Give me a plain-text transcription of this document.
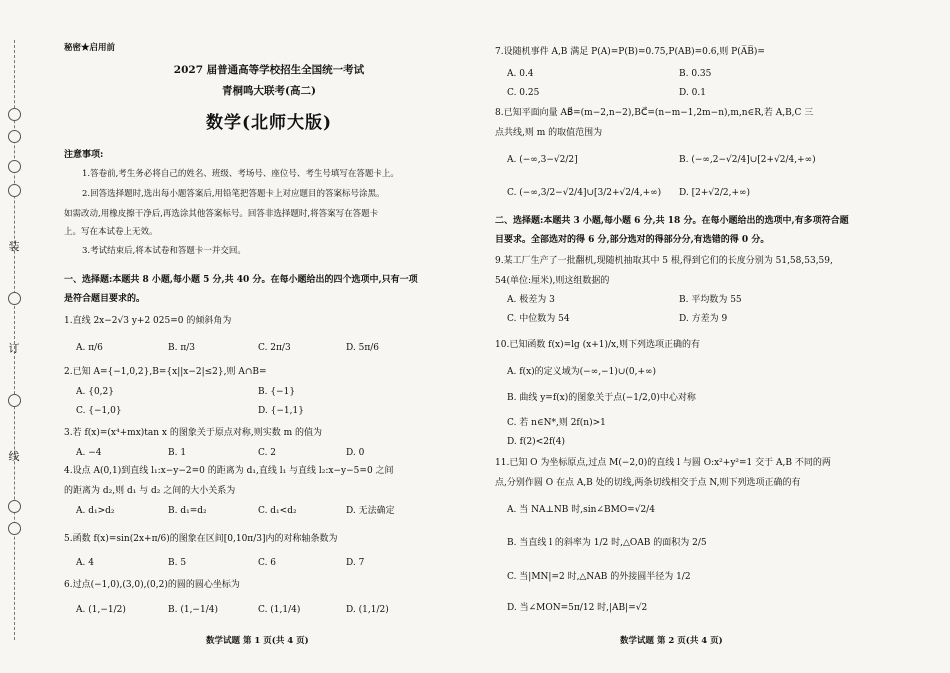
装
订
线
秘密★启用前
2027 届普通高等学校招生全国统一考试
青桐鸣大联考(高二)
数学(北师大版)
注意事项:
1.答卷前,考生务必将自己的姓名、班级、考场号、座位号、考生号填写在答题卡上。
2.回答选择题时,选出每小题答案后,用铅笔把答题卡上对应题目的答案标号涂黑。
如需改动,用橡皮擦干净后,再选涂其他答案标号。回答非选择题时,将答案写在答题卡
上。写在本试卷上无效。
3.考试结束后,将本试卷和答题卡一并交回。
一、选择题:本题共 8 小题,每小题 5 分,共 40 分。在每小题给出的四个选项中,只有一项
是符合题目要求的。
1.直线 2x−2√3 y+2 025=0 的倾斜角为
A. π/6	B. π/3	C. 2π/3	D. 5π/6
2.已知 A={−1,0,2},B={x||x−2|≤2},则 A∩B=
A. {0,2}	B. {−1}
C. {−1,0}	D. {−1,1}
3.若 f(x)=(x⁴+mx)tan x 的图象关于原点对称,则实数 m 的值为
A. −4	B. 1	C. 2	D. 0
4.设点 A(0,1)到直线 l₁:x−y−2=0 的距离为 d₁,直线 l₁ 与直线 l₂:x−y−5=0 之间
的距离为 d₂,则 d₁ 与 d₂ 之间的大小关系为
A. d₁>d₂	B. d₁=d₂	C. d₁<d₂	D. 无法确定
5.函数 f(x)=sin(2x+π/6)的图象在区间[0,10π/3]内的对称轴条数为
A. 4	B. 5	C. 6	D. 7
6.过点(−1,0),(3,0),(0,2)的圆的圆心坐标为
A. (1,−1/2)	B. (1,−1/4)	C. (1,1/4)	D. (1,1/2)
数学试题 第 1 页(共 4 页)
7.设随机事件 A,B 满足 P(A)=P(B)=0.75,P(AB)=0.6,则 P(A̅B̅)=
A. 0.4	B. 0.35
C. 0.25	D. 0.1
8.已知平面向量 AB⃗=(m−2,n−2),BC⃗=(n−m−1,2m−n),m,n∈R,若 A,B,C 三
点共线,则 m 的取值范围为
A. (−∞,3−√2/2]	B. (−∞,2−√2/4]∪[2+√2/4,+∞)
C. (−∞,3/2−√2/4]∪[3/2+√2/4,+∞) D. [2+√2/2,+∞)
二、选择题:本题共 3 小题,每小题 6 分,共 18 分。在每小题给出的选项中,有多项符合题
目要求。全部选对的得 6 分,部分选对的得部分分,有选错的得 0 分。
9.某工厂生产了一批翻机,现随机抽取其中 5 根,得到它们的长度分别为 51,58,53,59,
54(单位:厘米),则这组数据的
A. 极差为 3	B. 平均数为 55
C. 中位数为 54	D. 方差为 9
10.已知函数 f(x)=lg (x+1)/x,则下列选项正确的有
A. f(x)的定义域为(−∞,−1)∪(0,+∞)
B. 曲线 y=f(x)的图象关于点(−1/2,0)中心对称
C. 若 n∈N*,则 2f(n)>1
D. f(2)<2f(4)
11.已知 O 为坐标原点,过点 M(−2,0)的直线 l 与圆 O:x²+y²=1 交于 A,B 不同的两
点,分别作圆 O 在点 A,B 处的切线,两条切线相交于点 N,则下列选项正确的有
A. 当 NA⊥NB 时,sin∠BMO=√2/4
B. 当直线 l 的斜率为 1/2 时,△OAB 的面积为 2/5
C. 当|MN|=2 时,△NAB 的外接圆半径为 1/2
D. 当∠MON=5π/12 时,|AB|=√2
数学试题 第 2 页(共 4 页)
